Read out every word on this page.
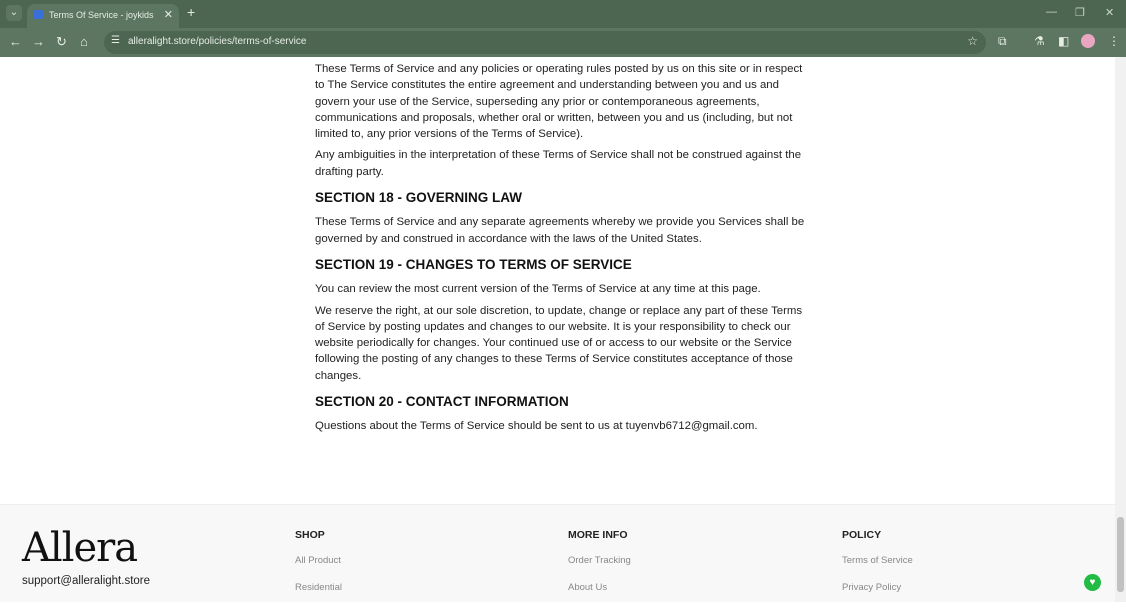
⌄	Terms Of Service - joykids ✕ +	— ❐ ✕
← → ↻ ⌂ ☰ alleralight.store/policies/terms-of-service	☆ ⧉ ⚗ ◧	⋮

These Terms of Service and any policies or operating rules posted by us on this site or in respect to The Service constitutes the entire agreement and understanding between you and us and govern your use of the Service, superseding any prior or contemporaneous agreements, communications and proposals, whether oral or written, between you and us (including, but not limited to, any prior versions of the Terms of Service).

Any ambiguities in the interpretation of these Terms of Service shall not be construed against the drafting party.

SECTION 18 - GOVERNING LAW

These Terms of Service and any separate agreements whereby we provide you Services shall be governed by and construed in accordance with the laws of the United States.

SECTION 19 - CHANGES TO TERMS OF SERVICE

You can review the most current version of the Terms of Service at any time at this page.

We reserve the right, at our sole discretion, to update, change or replace any part of these Terms of Service by posting updates and changes to our website. It is your responsibility to check our website periodically for changes. Your continued use of or access to our website or the Service following the posting of any changes to these Terms of Service constitutes acceptance of those changes.

SECTION 20 - CONTACT INFORMATION

Questions about the Terms of Service should be sent to us at tuyenvb6712@gmail.com.

Allera
support@alleralight.store
SHOP
All Product
Residential
MORE INFO
Order Tracking
About Us
POLICY
Terms of Service
Privacy Policy	♥
